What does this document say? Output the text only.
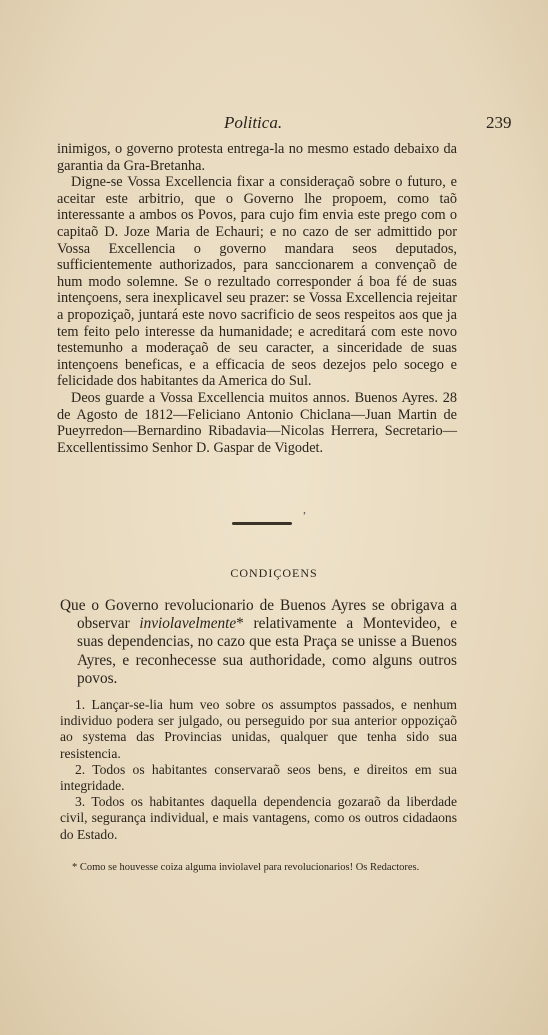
Politica.	239

inimigos, o governo protesta entrega-la no mesmo estado debaixo da garantia da Gra-Bretanha.

Digne-se Vossa Excellencia fixar a consideraçaõ sobre o futuro, e aceitar este arbitrio, que o Governo lhe propoem, como taõ interessante a ambos os Povos, para cujo fim envia este prego com o capitaõ D. Joze Maria de Echauri; e no cazo de ser admittido por Vossa Excellencia o governo mandara seos deputados, sufficientemente authorizados, para sanccionarem a convençaõ de hum modo solemne. Se o rezultado corresponder á boa fé de suas intençoens, sera inexplicavel seu prazer: se Vossa Excellencia rejeitar a propoziçaõ, juntará este novo sacrificio de seos respeitos aos que ja tem feito pelo interesse da humanidade; e acreditará com este novo testemunho a moderaçaõ de seu caracter, a sinceridade de suas intençoens beneficas, e a efficacia de seos dezejos pelo socego e felicidade dos habitantes da America do Sul.

Deos guarde a Vossa Excellencia muitos annos. Buenos Ayres. 28 de Agosto de 1812—Feliciano Antonio Chiclana—Juan Martin de Pueyrredon—Bernardino Ribadavia—Nicolas Herrera, Secretario—Excellentissimo Senhor D. Gaspar de Vigodet.

,
CONDIÇOENS

Que o Governo revolucionario de Buenos Ayres se obrigava a observar inviolavelmente* relativamente a Montevideo, e suas dependencias, no cazo que esta Praça se unisse a Buenos Ayres, e reconhecesse sua authoridade, como alguns outros povos.

1. Lançar-se-lia hum veo sobre os assumptos passados, e nenhum individuo podera ser julgado, ou perseguido por sua anterior oppoziçaõ ao systema das Provincias unidas, qualquer que tenha sido sua resistencia.

2. Todos os habitantes conservaraõ seos bens, e direitos em sua integridade.

3. Todos os habitantes daquella dependencia gozaraõ da liberdade civil, segurança individual, e mais vantagens, como os outros cidadaons do Estado.

* Como se houvesse coiza alguma inviolavel para revolucionarios! Os Redactores.
